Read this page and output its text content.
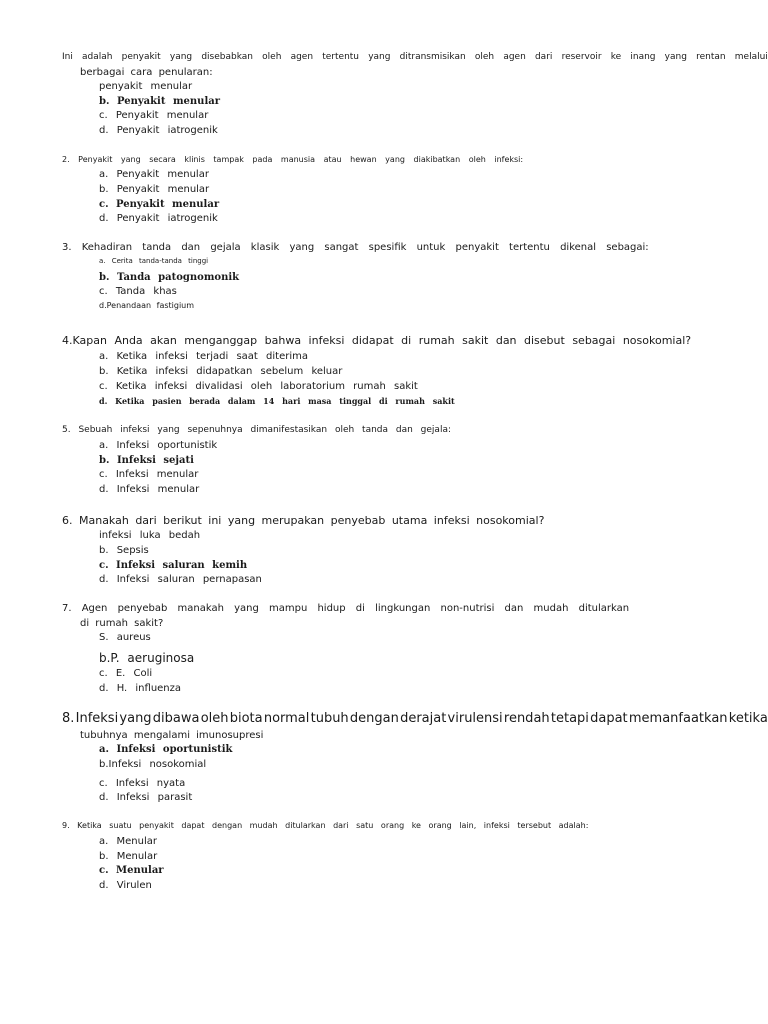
Ini adalah penyakit yang disebabkan oleh agen tertentu yang ditransmisikan oleh agen dari reservoir ke inang yang rentan melalui
berbagai cara penularan:
penyakit menular
b. Penyakit menular
c. Penyakit menular
d. Penyakit iatrogenik
2. Penyakit yang secara klinis tampak pada manusia atau hewan yang diakibatkan oleh infeksi:
a. Penyakit menular
b. Penyakit menular
c. Penyakit menular
d. Penyakit iatrogenik
3. Kehadiran tanda dan gejala klasik yang sangat spesifik untuk penyakit tertentu dikenal sebagai:
a. Cerita tanda-tanda tinggi
b. Tanda patognomonik
c. Tanda khas
d.Penandaan fastigium
4.Kapan Anda akan menganggap bahwa infeksi didapat di rumah sakit dan disebut sebagai nosokomial?
a. Ketika infeksi terjadi saat diterima
b. Ketika infeksi didapatkan sebelum keluar
c. Ketika infeksi divalidasi oleh laboratorium rumah sakit
d. Ketika pasien berada dalam 14 hari masa tinggal di rumah sakit
5. Sebuah infeksi yang sepenuhnya dimanifestasikan oleh tanda dan gejala:
a. Infeksi oportunistik
b. Infeksi sejati
c. Infeksi menular
d. Infeksi menular
6. Manakah dari berikut ini yang merupakan penyebab utama infeksi nosokomial?
infeksi luka bedah
b. Sepsis
c. Infeksi saluran kemih
d. Infeksi saluran pernapasan
7. Agen penyebab manakah yang mampu hidup di lingkungan non-nutrisi dan mudah ditularkan
di rumah sakit?
S. aureus
b.P. aeruginosa
c. E. Coli
d. H. influenza
8. Infeksi yang dibawa oleh biota normal tubuh dengan derajat virulensi rendah tetapi dapat memanfaatkan ketika
tubuhnya mengalami imunosupresi
a. Infeksi oportunistik
b.Infeksi nosokomial
c. Infeksi nyata
d. Infeksi parasit
9. Ketika suatu penyakit dapat dengan mudah ditularkan dari satu orang ke orang lain, infeksi tersebut adalah:
a. Menular
b. Menular
c. Menular
d. Virulen
